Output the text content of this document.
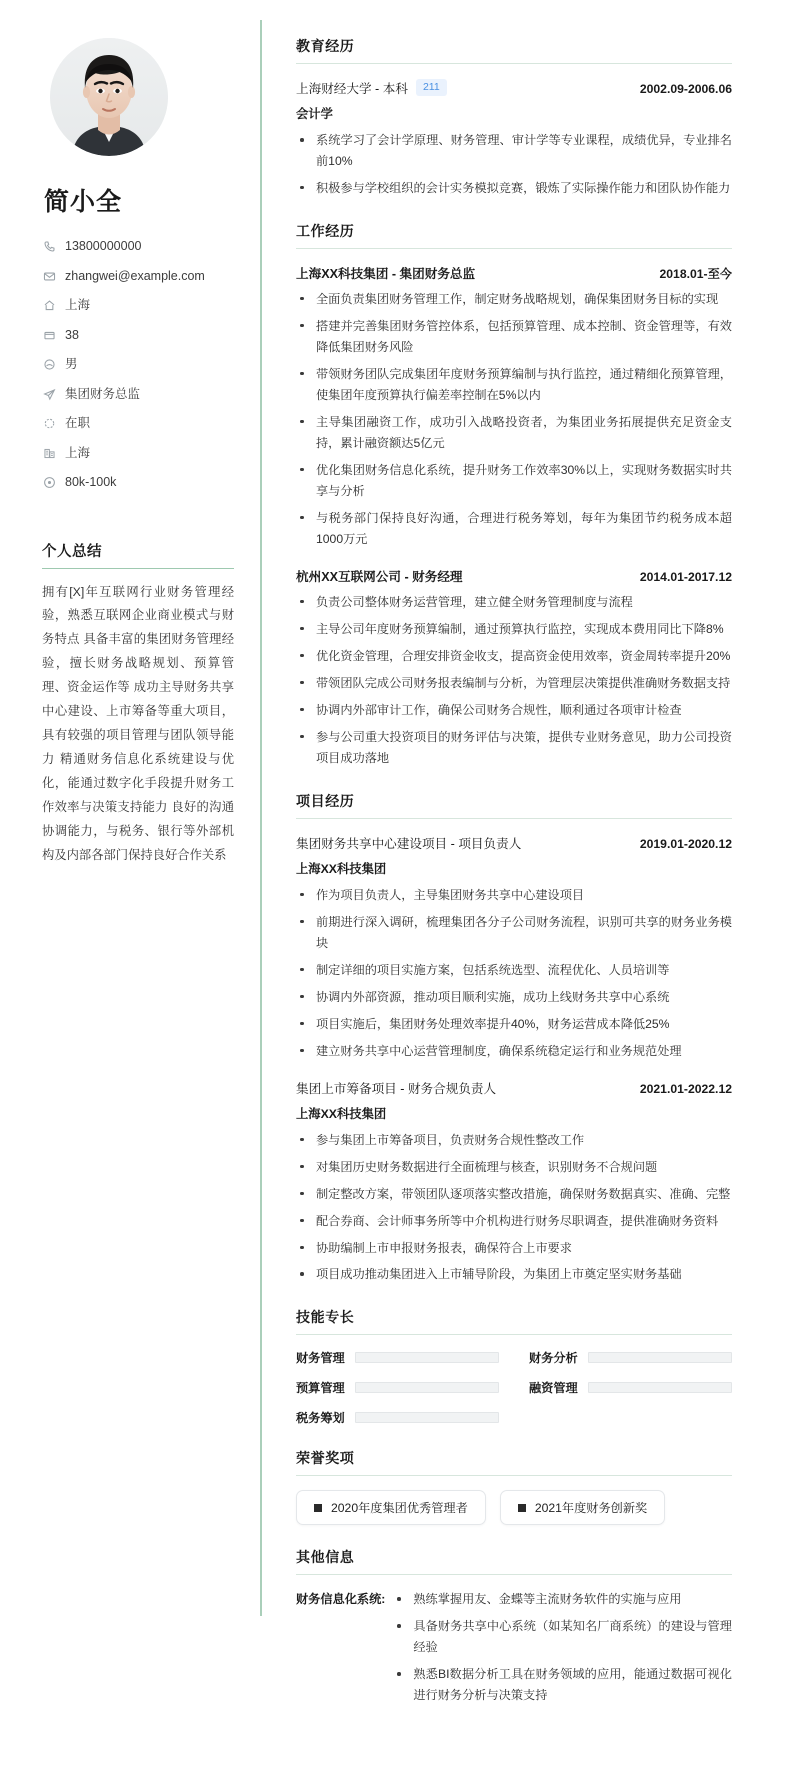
简小全
13800000000
zhangwei@example.com
上海
38
男
集团财务总监
在职
上海
80k-100k
个人总结
拥有[X]年互联网行业财务管理经验，熟悉互联网企业商业模式与财务特点 具备丰富的集团财务管理经验，擅长财务战略规划、预算管理、资金运作等 成功主导财务共享中心建设、上市筹备等重大项目，具有较强的项目管理与团队领导能力 精通财务信息化系统建设与优化，能通过数字化手段提升财务工作效率与决策支持能力 良好的沟通协调能力，与税务、银行等外部机构及内部各部门保持良好合作关系
教育经历
上海财经大学 - 本科	211	2002.09-2006.06
会计学
系统学习了会计学原理、财务管理、审计学等专业课程，成绩优异，专业排名前10%
积极参与学校组织的会计实务模拟竞赛，锻炼了实际操作能力和团队协作能力
工作经历
上海XX科技集团 - 集团财务总监	2018.01-至今
全面负责集团财务管理工作，制定财务战略规划，确保集团财务目标的实现
搭建并完善集团财务管控体系，包括预算管理、成本控制、资金管理等，有效降低集团财务风险
带领财务团队完成集团年度财务预算编制与执行监控，通过精细化预算管理，使集团年度预算执行偏差率控制在5%以内
主导集团融资工作，成功引入战略投资者，为集团业务拓展提供充足资金支持，累计融资额达5亿元
优化集团财务信息化系统，提升财务工作效率30%以上，实现财务数据实时共享与分析
与税务部门保持良好沟通，合理进行税务筹划，每年为集团节约税务成本超1000万元
杭州XX互联网公司 - 财务经理	2014.01-2017.12
负责公司整体财务运营管理，建立健全财务管理制度与流程
主导公司年度财务预算编制，通过预算执行监控，实现成本费用同比下降8%
优化资金管理，合理安排资金收支，提高资金使用效率，资金周转率提升20%
带领团队完成公司财务报表编制与分析，为管理层决策提供准确财务数据支持
协调内外部审计工作，确保公司财务合规性，顺利通过各项审计检查
参与公司重大投资项目的财务评估与决策，提供专业财务意见，助力公司投资项目成功落地
项目经历
集团财务共享中心建设项目 - 项目负责人	2019.01-2020.12
上海XX科技集团
作为项目负责人，主导集团财务共享中心建设项目
前期进行深入调研，梳理集团各分子公司财务流程，识别可共享的财务业务模块
制定详细的项目实施方案，包括系统选型、流程优化、人员培训等
协调内外部资源，推动项目顺利实施，成功上线财务共享中心系统
项目实施后，集团财务处理效率提升40%，财务运营成本降低25%
建立财务共享中心运营管理制度，确保系统稳定运行和业务规范处理
集团上市筹备项目 - 财务合规负责人	2021.01-2022.12
上海XX科技集团
参与集团上市筹备项目，负责财务合规性整改工作
对集团历史财务数据进行全面梳理与核查，识别财务不合规问题
制定整改方案，带领团队逐项落实整改措施，确保财务数据真实、准确、完整
配合券商、会计师事务所等中介机构进行财务尽职调查，提供准确财务资料
协助编制上市申报财务报表，确保符合上市要求
项目成功推动集团进入上市辅导阶段，为集团上市奠定坚实财务基础
技能专长
财务管理	财务分析
预算管理	融资管理
税务筹划
荣誉奖项
2020年度集团优秀管理者	2021年度财务创新奖
其他信息
财务信息化系统:	熟练掌握用友、金蝶等主流财务软件的实施与应用
具备财务共享中心系统（如某知名厂商系统）的建设与管理经验
熟悉BI数据分析工具在财务领域的应用，能通过数据可视化进行财务分析与决策支持
